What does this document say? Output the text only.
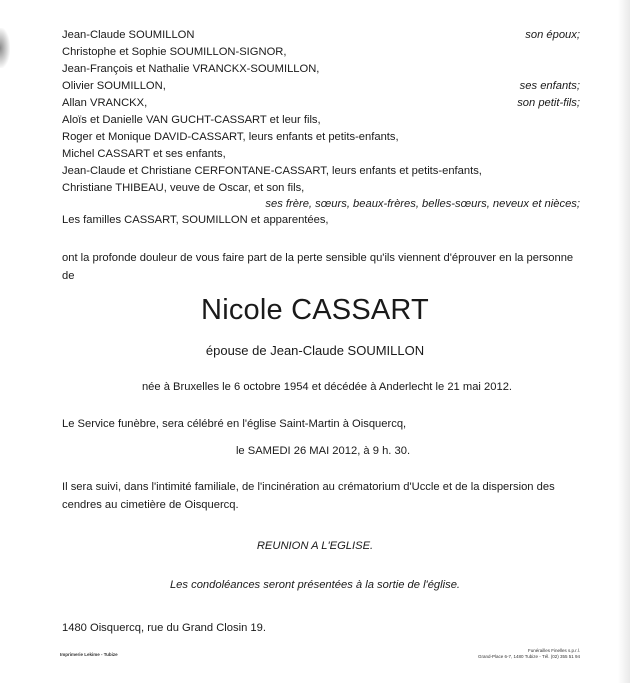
Jean-Claude SOUMILLON	son époux;
Christophe et Sophie SOUMILLON-SIGNOR,
Jean-François et Nathalie VRANCKX-SOUMILLON,
Olivier SOUMILLON,	ses enfants;
Allan VRANCKX,	son petit-fils;
Aloïs et Danielle VAN GUCHT-CASSART et leur fils,
Roger et Monique DAVID-CASSART, leurs enfants et petits-enfants,
Michel CASSART et ses enfants,
Jean-Claude et Christiane CERFONTANE-CASSART, leurs enfants et petits-enfants,
Christiane THIBEAU, veuve de Oscar, et son fils,
ses frère, sœurs, beaux-frères, belles-sœurs, neveux et nièces;
Les familles CASSART, SOUMILLON et apparentées,
ont la profonde douleur de vous faire part de la perte sensible qu'ils viennent d'éprouver en la personne de
Nicole CASSART
épouse de Jean-Claude SOUMILLON
née à Bruxelles le 6 octobre 1954 et décédée à Anderlecht le 21 mai 2012.
Le Service funèbre, sera célébré en l'église Saint-Martin à Oisquercq,
le SAMEDI 26 MAI 2012, à 9 h. 30.
Il sera suivi, dans l'intimité familiale, de l'incinération au crématorium d'Uccle et de la dispersion des cendres au cimetière de Oisquercq.
REUNION A L'EGLISE.
Les condoléances seront présentées à la sortie de l'église.
1480 Oisquercq, rue du Grand Closin 19.
Imprimerie Lekime - Tubize
Funérailles Finelles s.p.r.l.
Grand-Place 6-7, 1480 Tubize - Tél. (02) 355 51 94
